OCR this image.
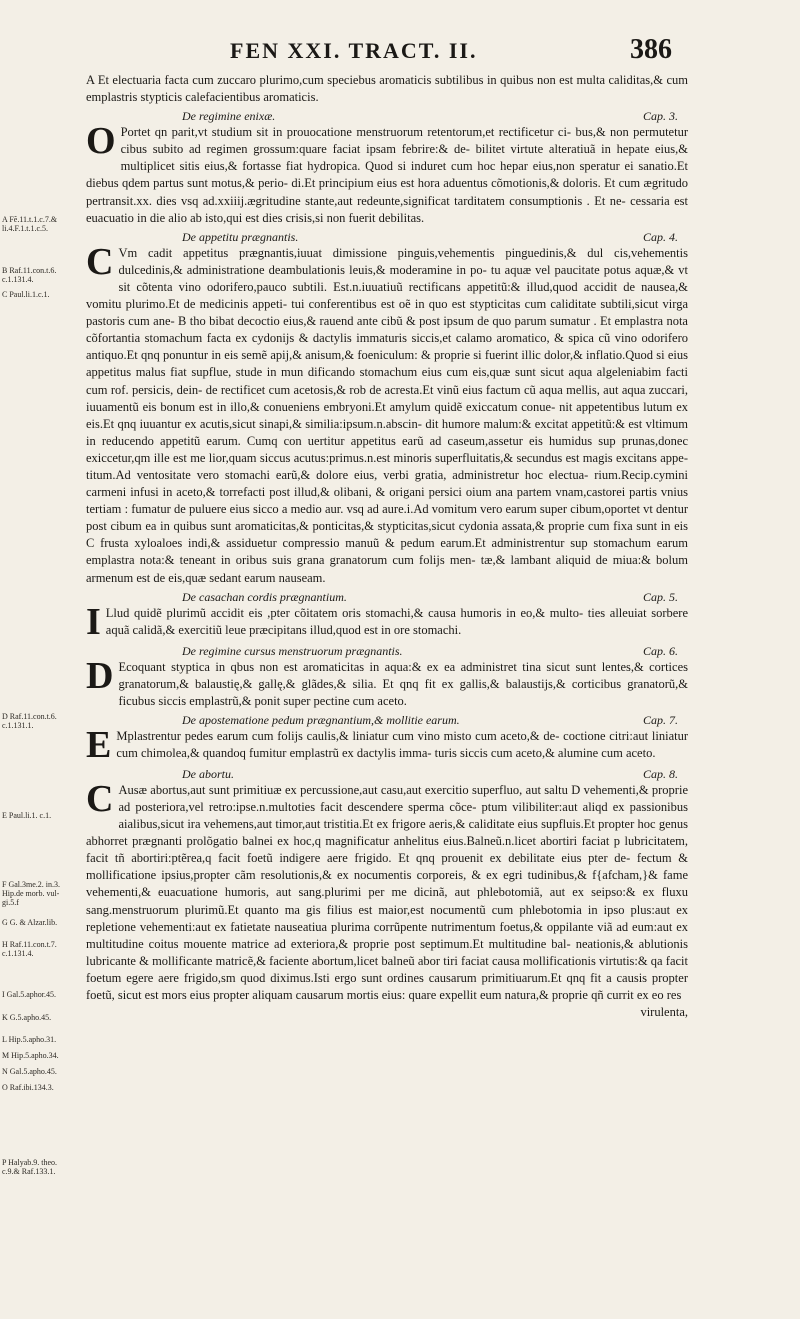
FEN XXI. TRACT. II.	386
A Fẽ.11.t.1.c.7.& li.4.F.1.t.1.c.5.
B Raf.11.con.t.6. c.1.131.4.
C Paul.li.1.c.1.
D Raf.11.con.t.6. c.1.131.1.
E Paul.li.1. c.1.
F Gal.3me.2. in.3. Hip.de morb. vul- gi.5.f
G G. & Alzar.lib.
H Raf.11.con.t.7. c.1.131.4.
I Gal.5.aphor.45.
K G.5.apho.45.
L Hip.5.apho.31.
M Hip.5.apho.34.
N Gal.5.apho.45.
O Raf.ibi.134.3.
P Halyab.9. theo. c.9.& Raf.133.1.

A Et electuaria facta cum zuccaro plurimo,cum speciebus aromaticis subtilibus in quibus non est multa caliditas,& cum emplastris stypticis calefacientibus aromaticis.

De regimine enixæ.	Cap. 3.
O Portet qn parit,vt studium sit in prouocatione menstruorum retentorum,et rectificetur ci- bus,& non permutetur cibus subito ad regimen grossum:quare faciat ipsam febrire:& de- bilitet virtute alteratiuã in hepate eius,& multiplicet sitis eius,& fortasse fiat hydropica. Quod si induret cum hoc hepar eius,non speratur ei sanatio.Et diebus qdem partus sunt motus,& perio- di.Et principium eius est hora aduentus cõmotionis,& doloris. Et cum ægritudo pertransit.xx. dies vsq ad.xxiiij.ægritudine stante,aut redeunte,significat tarditatem consumptionis . Et ne- cessaria est euacuatio in die alio ab isto,qui est dies crisis,si non fuerit debilitas.

De appetitu prægnantis.	Cap. 4.
C Vm cadit appetitus prægnantis,iuuat dimissione pinguis,vehementis pinguedinis,& dul cis,vehementis dulcedinis,& administratione deambulationis leuis,& moderamine in po- tu aquæ vel paucitate potus aquæ,& vt sit cõtenta vino odorifero,pauco subtili. Est.n.iuuatiuũ rectificans appetitũ:& illud,quod accidit de nausea,& vomitu plurimo.Et de medicinis appeti- tui conferentibus est oẽ in quo est stypticitas cum caliditate subtili,sicut virga pastoris cum ane- B tho bibat decoctio eius,& rauend ante cibũ & post ipsum de quo parum sumatur . Et emplastra nota cõfortantia stomachum facta ex cydonijs & dactylis immaturis siccis,et calamo aromatico, & spica cũ vino odorifero antiquo.Et qnq ponuntur in eis semẽ apij,& anisum,& foeniculum: & proprie si fuerint illic dolor,& inflatio.Quod si eius appetitus malus fiat supflue, stude in mun dificando stomachum eius cum eis,quæ sunt sicut aqua algeleniabim facti cum rof. persicis, dein- de rectificet cum acetosis,& rob de acresta.Et vinũ eius factum cũ aqua mellis, aut aqua zuccari, iuuamentũ eis bonum est in illo,& conueniens embryoni.Et amylum quidẽ exiccatum conue- nit appetentibus lutum ex eis.Et qnq iuuantur ex acutis,sicut sinapi,& similia:ipsum.n.abscin- dit humore malum:& excitat appetitũ:& est vltimum in reducendo appetitũ earum. Cumq con uertitur appetitus earũ ad caseum,assetur eis humidus sup prunas,donec exiccetur,qm ille est me lior,quam siccus acutus:primus.n.est minoris superfluitatis,& secundus est magis excitans appe- titum.Ad ventositate vero stomachi earũ,& dolore eius, verbi gratia, administretur hoc electua- rium.Recip.cymini carmeni infusi in aceto,& torrefacti post illud,& olibani, & origani persici oium ana partem vnam,castorei partis vnius tertiam : fumatur de puluere eius sicco a medio aur. vsq ad aure.i.Ad vomitum vero earum super cibum,oportet vt dentur post cibum ea in quibus sunt aromaticitas,& ponticitas,& stypticitas,sicut cydonia assata,& proprie cum fixa sunt in eis C frusta xyloaloes indi,& assiduetur compressio manuũ & pedum earum.Et administrentur sup stomachum earum emplastra nota:& teneant in oribus suis grana granatorum cum folijs men- tæ,& lambant aliquid de miua:& bolum armenum est de eis,quæ sedant earum nauseam.

De casachan cordis prægnantium.	Cap. 5.
I Llud quidẽ plurimũ accidit eis ,pter cõitatem oris stomachi,& causa humoris in eo,& multo- ties alleuiat sorbere aquã calidã,& exercitiũ leue præcipitans illud,quod est in ore stomachi.

De regimine cursus menstruorum prægnantis.	Cap. 6.
D Ecoquant styptica in qbus non est aromaticitas in aqua:& ex ea administret tina sicut sunt lentes,& cortices granatorum,& balaustię,& gallę,& glãdes,& silia. Et qnq fit ex gallis,& balaustijs,& corticibus granatorũ,& ficubus siccis emplastrũ,& ponit super pectine cum aceto.

De apostematione pedum prægnantium,& mollitie earum.	Cap. 7.
E Mplastrentur pedes earum cum folijs caulis,& liniatur cum vino misto cum aceto,& de- coctione citri:aut liniatur cum chimolea,& quandoq fumitur emplastrũ ex dactylis imma- turis siccis cum aceto,& alumine cum aceto.

De abortu.	Cap. 8.
C Ausæ abortus,aut sunt primitiuæ ex percussione,aut casu,aut exercitio superfluo, aut saltu D vehementi,& proprie ad posteriora,vel retro:ipse.n.multoties facit descendere sperma cõce- ptum vilibiliter:aut aliqd ex passionibus aialibus,sicut ira vehemens,aut timor,aut tristitia.Et ex frigore aeris,& caliditate eius supfluis.Et propter hoc genus abhorret prægnanti prolõgatio balnei ex hoc,q magnificatur anhelitus eius.Balneũ.n.licet abortiri faciat p lubricitatem, facit tñ abortiri:ptẽrea,q facit foetũ indigere aere frigido. Et qnq prouenit ex debilitate eius pter de- fectum & mollificatione ipsius,propter cãm resolutionis,& ex nocumentis corporeis, & ex egri tudinibus,& f{afcham,}& fame vehementi,& euacuatione humoris, aut sang.plurimi per me dicinã, aut phlebotomiã, aut ex seipso:& ex fluxu sang.menstruorum plurimũ.Et quanto ma gis filius est maior,est nocumentũ cum phlebotomia in ipso plus:aut ex repletione vehementi:aut ex fatietate nauseatiua plurima corrũpente nutrimentum foetus,& oppilante viã ad eum:aut ex multitudine coitus mouente matrice ad exteriora,& proprie post septimum.Et multitudine bal- neationis,& ablutionis lubricante & mollificante matricẽ,& faciente abortum,licet balneũ abor tiri faciat causa mollificationis virtutis:& qa facit foetum egere aere frigido,sm quod diximus.Isti ergo sunt ordines causarum primitiuarum.Et qnq fit a causis propter foetũ, sicut est mors eius propter aliquam causarum mortis eius: quare expellit eum natura,& proprie qñ currit ex eo res

virulenta,
